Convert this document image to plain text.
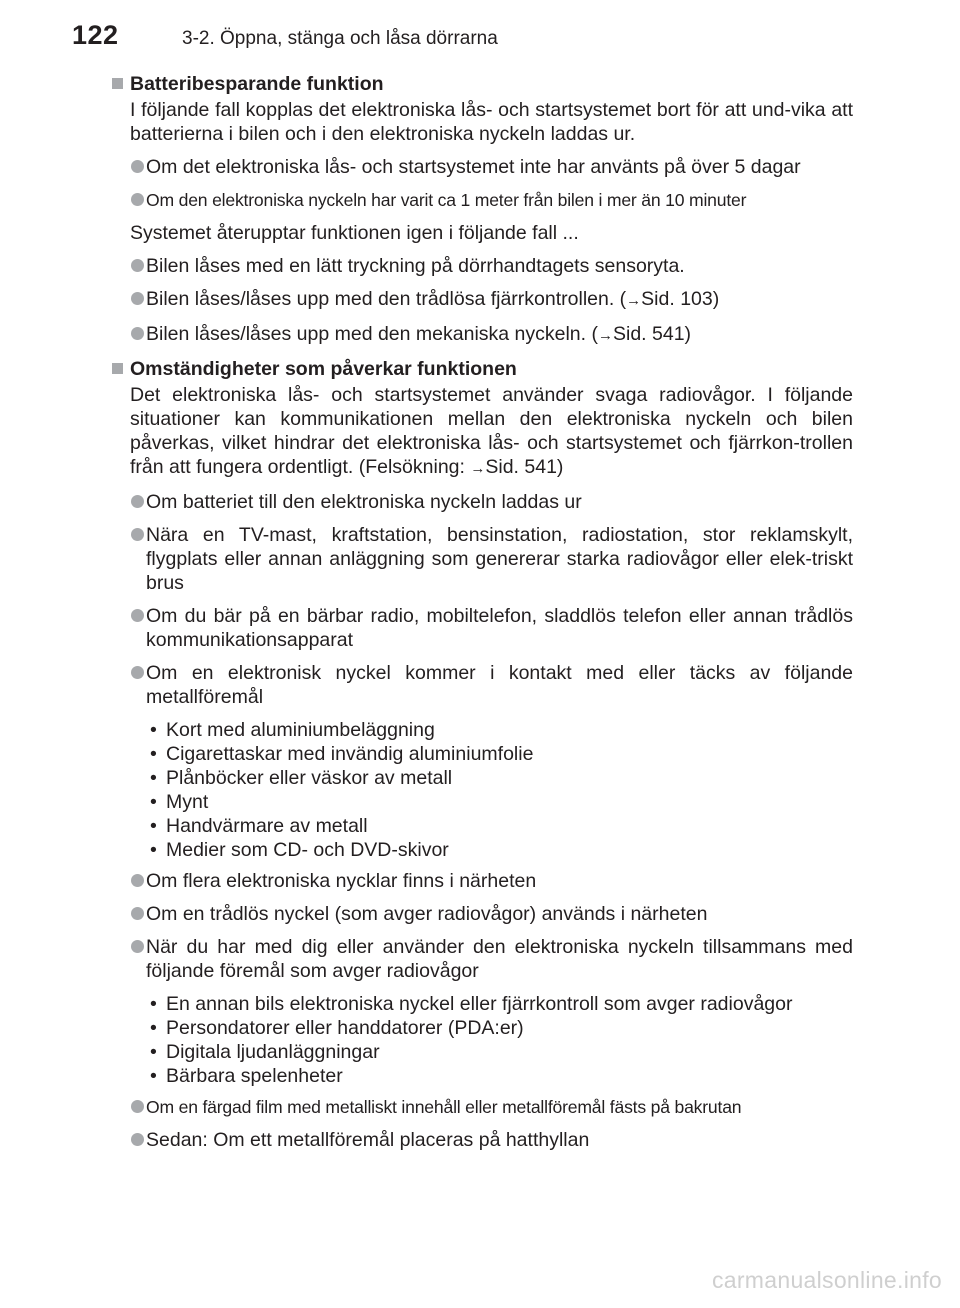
122	3-2. Öppna, stänga och låsa dörrarna
Batteribesparande funktion
I följande fall kopplas det elektroniska lås- och startsystemet bort för att und-vika att batterierna i bilen och i den elektroniska nyckeln laddas ur.
Om det elektroniska lås- och startsystemet inte har använts på över 5 dagar
Om den elektroniska nyckeln har varit ca 1 meter från bilen i mer än 10 minuter
Systemet återupptar funktionen igen i följande fall ...
Bilen låses med en lätt tryckning på dörrhandtagets sensoryta.
Bilen låses/låses upp med den trådlösa fjärrkontrollen. (→Sid. 103)
Bilen låses/låses upp med den mekaniska nyckeln. (→Sid. 541)
Omständigheter som påverkar funktionen
Det elektroniska lås- och startsystemet använder svaga radiovågor. I följande situationer kan kommunikationen mellan den elektroniska nyckeln och bilen påverkas, vilket hindrar det elektroniska lås- och startsystemet och fjärrkon-trollen från att fungera ordentligt. (Felsökning: →Sid. 541)
Om batteriet till den elektroniska nyckeln laddas ur
Nära en TV-mast, kraftstation, bensinstation, radiostation, stor reklamskylt, flygplats eller annan anläggning som genererar starka radiovågor eller elek-triskt brus
Om du bär på en bärbar radio, mobiltelefon, sladdlös telefon eller annan trådlös kommunikationsapparat
Om en elektronisk nyckel kommer i kontakt med eller täcks av följande metallföremål
• Kort med aluminiumbeläggning
• Cigarettaskar med invändig aluminiumfolie
• Plånböcker eller väskor av metall
• Mynt
• Handvärmare av metall
• Medier som CD- och DVD-skivor
Om flera elektroniska nycklar finns i närheten
Om en trådlös nyckel (som avger radiovågor) används i närheten
När du har med dig eller använder den elektroniska nyckeln tillsammans med följande föremål som avger radiovågor
• En annan bils elektroniska nyckel eller fjärrkontroll som avger radiovågor
• Persondatorer eller handdatorer (PDA:er)
• Digitala ljudanläggningar
• Bärbara spelenheter
Om en färgad film med metalliskt innehåll eller metallföremål fästs på bakrutan
Sedan: Om ett metallföremål placeras på hatthyllan
carmanualsonline.info
